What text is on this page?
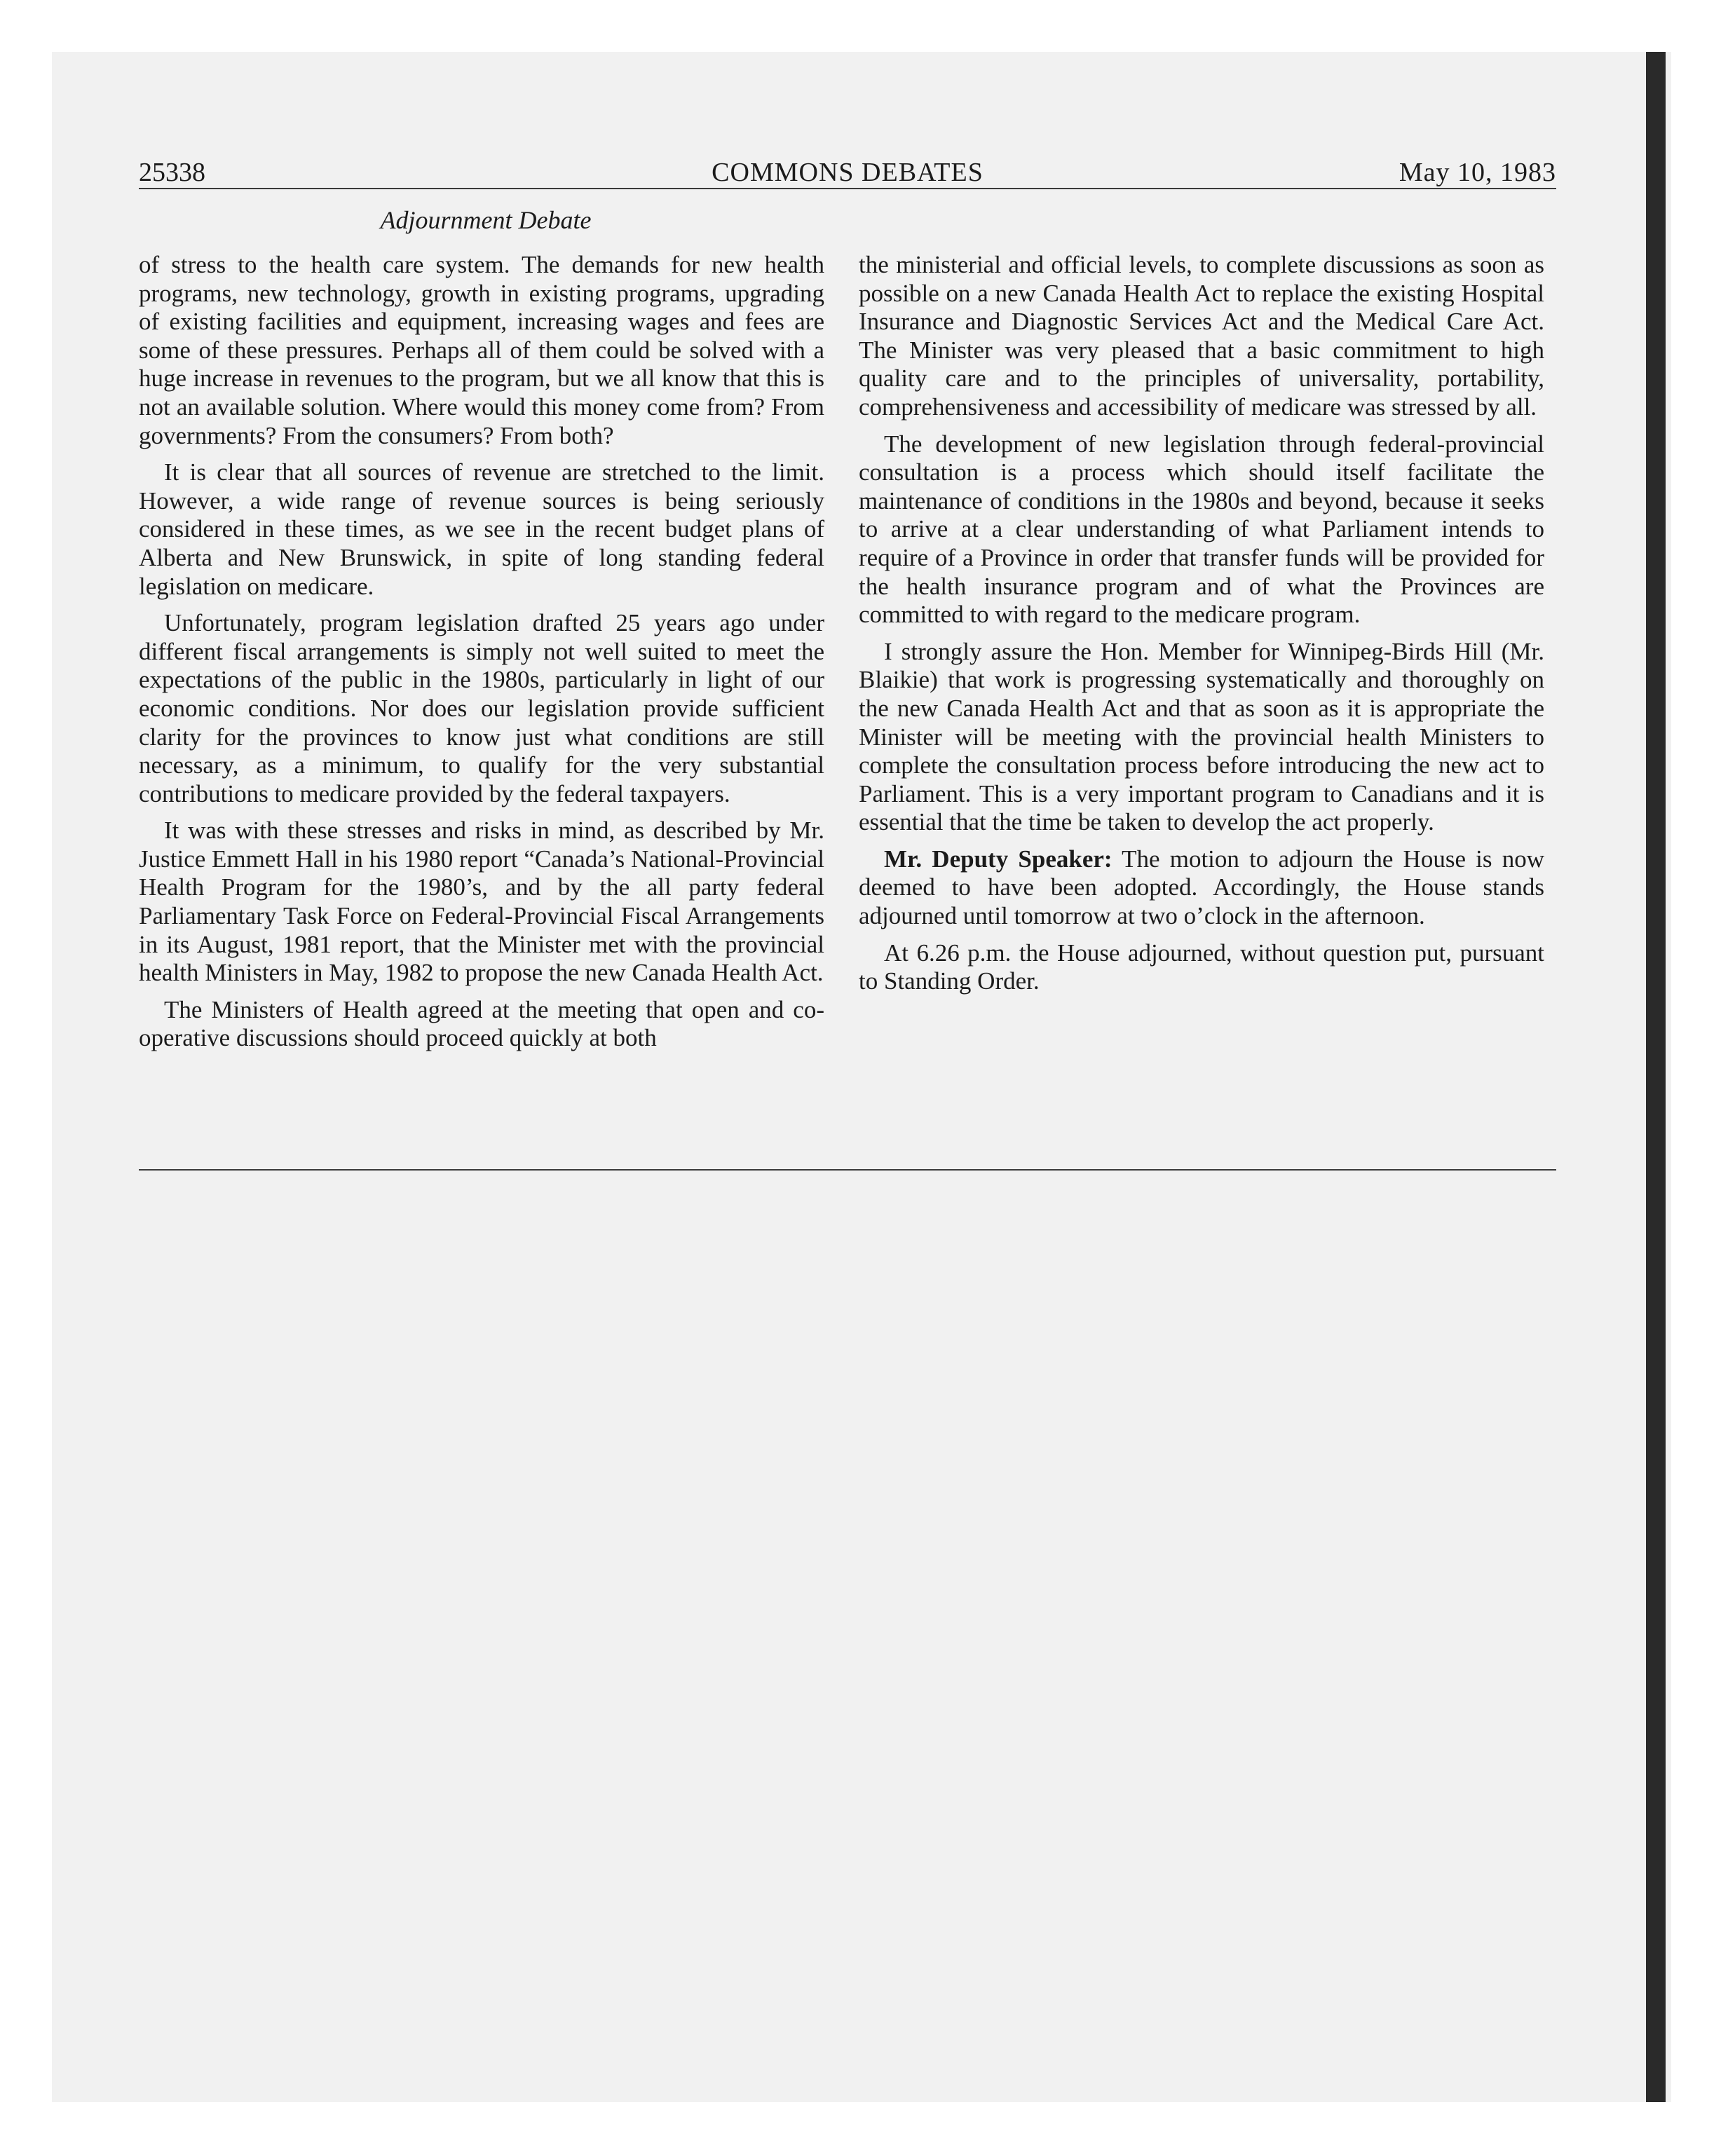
25338	COMMONS DEBATES	May 10, 1983
Adjournment Debate

of stress to the health care system. The demands for new health programs, new technology, growth in existing programs, upgrading of existing facilities and equipment, increasing wages and fees are some of these pressures. Perhaps all of them could be solved with a huge increase in revenues to the program, but we all know that this is not an available solution. Where would this money come from? From governments? From the consumers? From both?

It is clear that all sources of revenue are stretched to the limit. However, a wide range of revenue sources is being seriously considered in these times, as we see in the recent budget plans of Alberta and New Brunswick, in spite of long standing federal legislation on medicare.

Unfortunately, program legislation drafted 25 years ago under different fiscal arrangements is simply not well suited to meet the expectations of the public in the 1980s, particularly in light of our economic conditions. Nor does our legislation provide sufficient clarity for the provinces to know just what conditions are still necessary, as a minimum, to qualify for the very substantial contributions to medicare provided by the federal taxpayers.

It was with these stresses and risks in mind, as described by Mr. Justice Emmett Hall in his 1980 report “Canada’s National-Provincial Health Program for the 1980’s, and by the all party federal Parliamentary Task Force on Federal-Provincial Fiscal Arrangements in its August, 1981 report, that the Minister met with the provincial health Ministers in May, 1982 to propose the new Canada Health Act.

The Ministers of Health agreed at the meeting that open and co-operative discussions should proceed quickly at both

the ministerial and official levels, to complete discussions as soon as possible on a new Canada Health Act to replace the existing Hospital Insurance and Diagnostic Services Act and the Medical Care Act. The Minister was very pleased that a basic commitment to high quality care and to the principles of universality, portability, comprehensiveness and accessibility of medicare was stressed by all.

The development of new legislation through federal-provincial consultation is a process which should itself facilitate the maintenance of conditions in the 1980s and beyond, because it seeks to arrive at a clear understanding of what Parliament intends to require of a Province in order that transfer funds will be provided for the health insurance program and of what the Provinces are committed to with regard to the medicare program.

I strongly assure the Hon. Member for Winnipeg-Birds Hill (Mr. Blaikie) that work is progressing systematically and thoroughly on the new Canada Health Act and that as soon as it is appropriate the Minister will be meeting with the provincial health Ministers to complete the consultation process before introducing the new act to Parliament. This is a very important program to Canadians and it is essential that the time be taken to develop the act properly.

Mr. Deputy Speaker: The motion to adjourn the House is now deemed to have been adopted. Accordingly, the House stands adjourned until tomorrow at two o’clock in the afternoon.

At 6.26 p.m. the House adjourned, without question put, pursuant to Standing Order.
